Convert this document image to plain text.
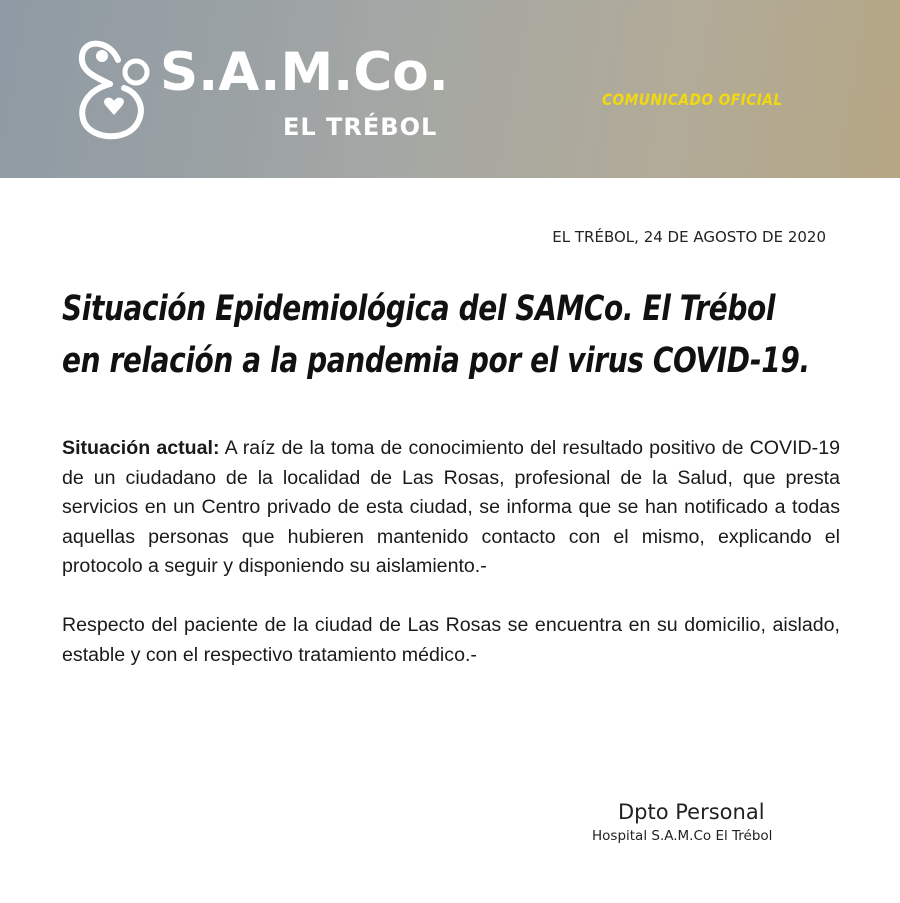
S.A.M.Co.
EL TRÉBOL
COMUNICADO OFICIAL
EL TRÉBOL, 24 DE AGOSTO DE 2020
Situación Epidemiológica del SAMCo. El Trébol
en relación a la pandemia por el virus COVID-19.

Situación actual: A raíz de la toma de conocimiento del resultado positivo de COVID-19 de un ciudadano de la localidad de Las Rosas, profesional de la Salud, que presta servicios en un Centro privado de esta ciudad, se informa que se han notificado a todas aquellas personas que hubieren mantenido contacto con el mismo, explicando el protocolo a seguir y disponiendo su aislamiento.-

Respecto del paciente de la ciudad de Las Rosas se encuentra en su domicilio, aislado, estable y con el respectivo tratamiento médico.-

Dpto Personal
Hospital S.A.M.Co El Trébol
